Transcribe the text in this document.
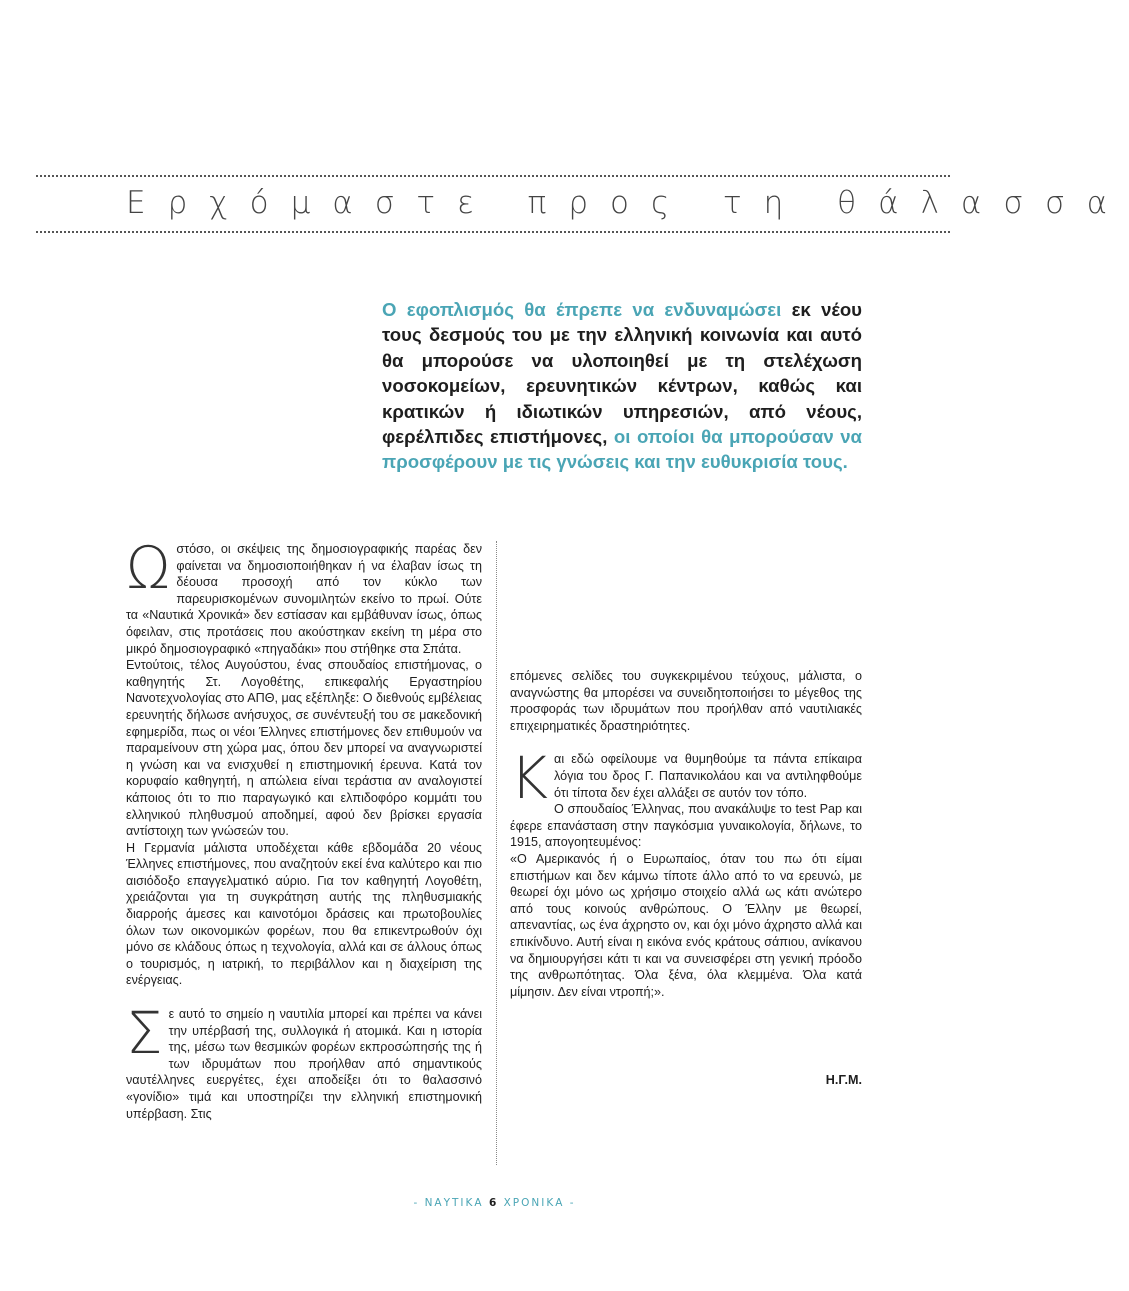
Ερχόμαστε προς τη θάλασσα
Ο εφοπλισμός θα έπρεπε να ενδυναμώσει εκ νέου τους δεσμούς του με την ελληνική κοινωνία και αυτό θα μπορούσε να υλοποιηθεί με τη στελέχωση νοσοκομείων, ερευνητικών κέντρων, καθώς και κρατικών ή ιδιωτικών υπηρεσιών, από νέους, φερέλπιδες επιστήμονες, οι οποίοι θα μπορούσαν να προσφέρουν με τις γνώσεις και την ευθυκρισία τους.

Ωστόσο, οι σκέψεις της δημοσιογραφικής παρέας δεν φαίνεται να δημοσιοποιήθηκαν ή να έλαβαν ίσως τη δέουσα προσοχή από τον κύκλο των παρευρισκομένων συνομιλητών εκείνο το πρωί. Ούτε τα «Ναυτικά Χρονικά» δεν εστίασαν και εμβάθυναν ίσως, όπως όφειλαν, στις προτάσεις που ακούστηκαν εκείνη τη μέρα στο μικρό δημοσιογραφικό «πηγαδάκι» που στήθηκε στα Σπάτα.

Εντούτοις, τέλος Αυγούστου, ένας σπουδαίος επιστήμονας, ο καθηγητής Στ. Λογοθέτης, επικεφαλής Εργαστηρίου Νανοτεχνολογίας στο ΑΠΘ, μας εξέπληξε: Ο διεθνούς εμβέλειας ερευνητής δήλωσε ανήσυχος, σε συνέντευξή του σε μακεδονική εφημερίδα, πως οι νέοι Έλληνες επιστήμονες δεν επιθυμούν να παραμείνουν στη χώρα μας, όπου δεν μπορεί να αναγνωριστεί η γνώση και να ενισχυθεί η επιστημονική έρευνα. Κατά τον κορυφαίο καθηγητή, η απώλεια είναι τεράστια αν αναλογιστεί κάποιος ότι το πιο παραγωγικό και ελπιδοφόρο κομμάτι του ελληνικού πληθυσμού αποδημεί, αφού δεν βρίσκει εργασία αντίστοιχη των γνώσεών του.

Η Γερμανία μάλιστα υποδέχεται κάθε εβδομάδα 20 νέους Έλληνες επιστήμονες, που αναζητούν εκεί ένα καλύτερο και πιο αισιόδοξο επαγγελματικό αύριο. Για τον καθηγητή Λογοθέτη, χρειάζονται για τη συγκράτηση αυτής της πληθυσμιακής διαρροής άμεσες και καινοτόμοι δράσεις και πρωτοβουλίες όλων των οικονομικών φορέων, που θα επικεντρωθούν όχι μόνο σε κλάδους όπως η τεχνολογία, αλλά και σε άλλους όπως ο τουρισμός, η ιατρική, το περιβάλλον και η διαχείριση της ενέργειας.

Σε αυτό το σημείο η ναυτιλία μπορεί και πρέπει να κάνει την υπέρβασή της, συλλογικά ή ατομικά. Και η ιστορία της, μέσω των θεσμικών φορέων εκπροσώπησής της ή των ιδρυμάτων που προήλθαν από σημαντικούς ναυτέλληνες ευεργέτες, έχει αποδείξει ότι το θαλασσινό «γονίδιο» τιμά και υποστηρίζει την ελληνική επιστημονική υπέρβαση. Στις

επόμενες σελίδες του συγκεκριμένου τεύχους, μάλιστα, ο αναγνώστης θα μπορέσει να συνειδητοποιήσει το μέγεθος της προσφοράς των ιδρυμάτων που προήλθαν από ναυτιλιακές επιχειρηματικές δραστηριότητες.

Και εδώ οφείλουμε να θυμηθούμε τα πάντα επίκαιρα λόγια του δρος Γ. Παπανικολάου και να αντιληφθούμε ότι τίποτα δεν έχει αλλάξει σε αυτόν τον τόπο.

Ο σπουδαίος Έλληνας, που ανακάλυψε το test Pap και έφερε επανάσταση στην παγκόσμια γυναικολογία, δήλωνε, το 1915, απογοητευμένος:

«Ο Αμερικανός ή ο Ευρωπαίος, όταν του πω ότι είμαι επιστήμων και δεν κάμνω τίποτε άλλο από το να ερευνώ, με θεωρεί όχι μόνο ως χρήσιμο στοιχείο αλλά ως κάτι ανώτερο από τους κοινούς ανθρώπους. Ο Έλλην με θεωρεί, απεναντίας, ως ένα άχρηστο ον, και όχι μόνο άχρηστο αλλά και επικίνδυνο. Αυτή είναι η εικόνα ενός κράτους σάπιου, ανίκανου να δημιουργήσει κάτι τι και να συνεισφέρει στη γενική πρόοδο της ανθρωπότητας. Όλα ξένα, όλα κλεμμένα. Όλα κατά μίμησιν. Δεν είναι ντροπή;».

Η.Γ.Μ.
- ΝΑΥΤΙΚΑ 6 ΧΡΟΝΙΚΑ -
